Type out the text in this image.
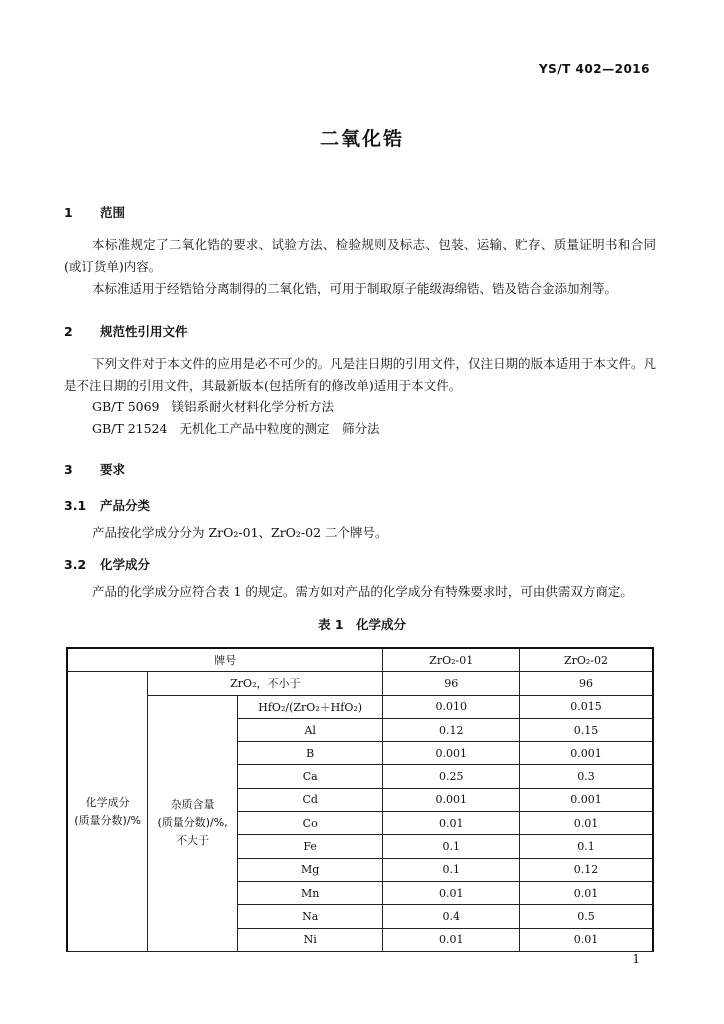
YS/T 402—2016
二氧化锆
1 范围
本标准规定了二氧化锆的要求、试验方法、检验规则及标志、包装、运输、贮存、质量证明书和合同(或订货单)内容。
本标准适用于经锆铪分离制得的二氧化锆，可用于制取原子能级海绵锆、锆及锆合金添加剂等。
2 规范性引用文件
下列文件对于本文件的应用是必不可少的。凡是注日期的引用文件，仅注日期的版本适用于本文件。凡是不注日期的引用文件，其最新版本(包括所有的修改单)适用于本文件。
GB/T 5069 镁铝系耐火材料化学分析方法
GB/T 21524 无机化工产品中粒度的测定　筛分法
3 要求
3.1 产品分类
产品按化学成分分为 ZrO₂-01、ZrO₂-02 二个牌号。
3.2 化学成分
产品的化学成分应符合表 1 的规定。需方如对产品的化学成分有特殊要求时，可由供需双方商定。
表 1　化学成分
牌号			ZrO₂-01	ZrO₂-02

化学成分
(质量分数)/%	ZrO₂，不小于		96	96

	杂质含量
(质量分数)/%,
不大于	HfO₂/(ZrO₂＋HfO₂)	0.010	0.015
		Al	0.12	0.15
		B	0.001	0.001
		Ca	0.25	0.3
		Cd	0.001	0.001
		Co	0.01	0.01
		Fe	0.1	0.1
		Mg	0.1	0.12
		Mn	0.01	0.01
		Na	0.4	0.5
		Ni	0.01	0.01
1
